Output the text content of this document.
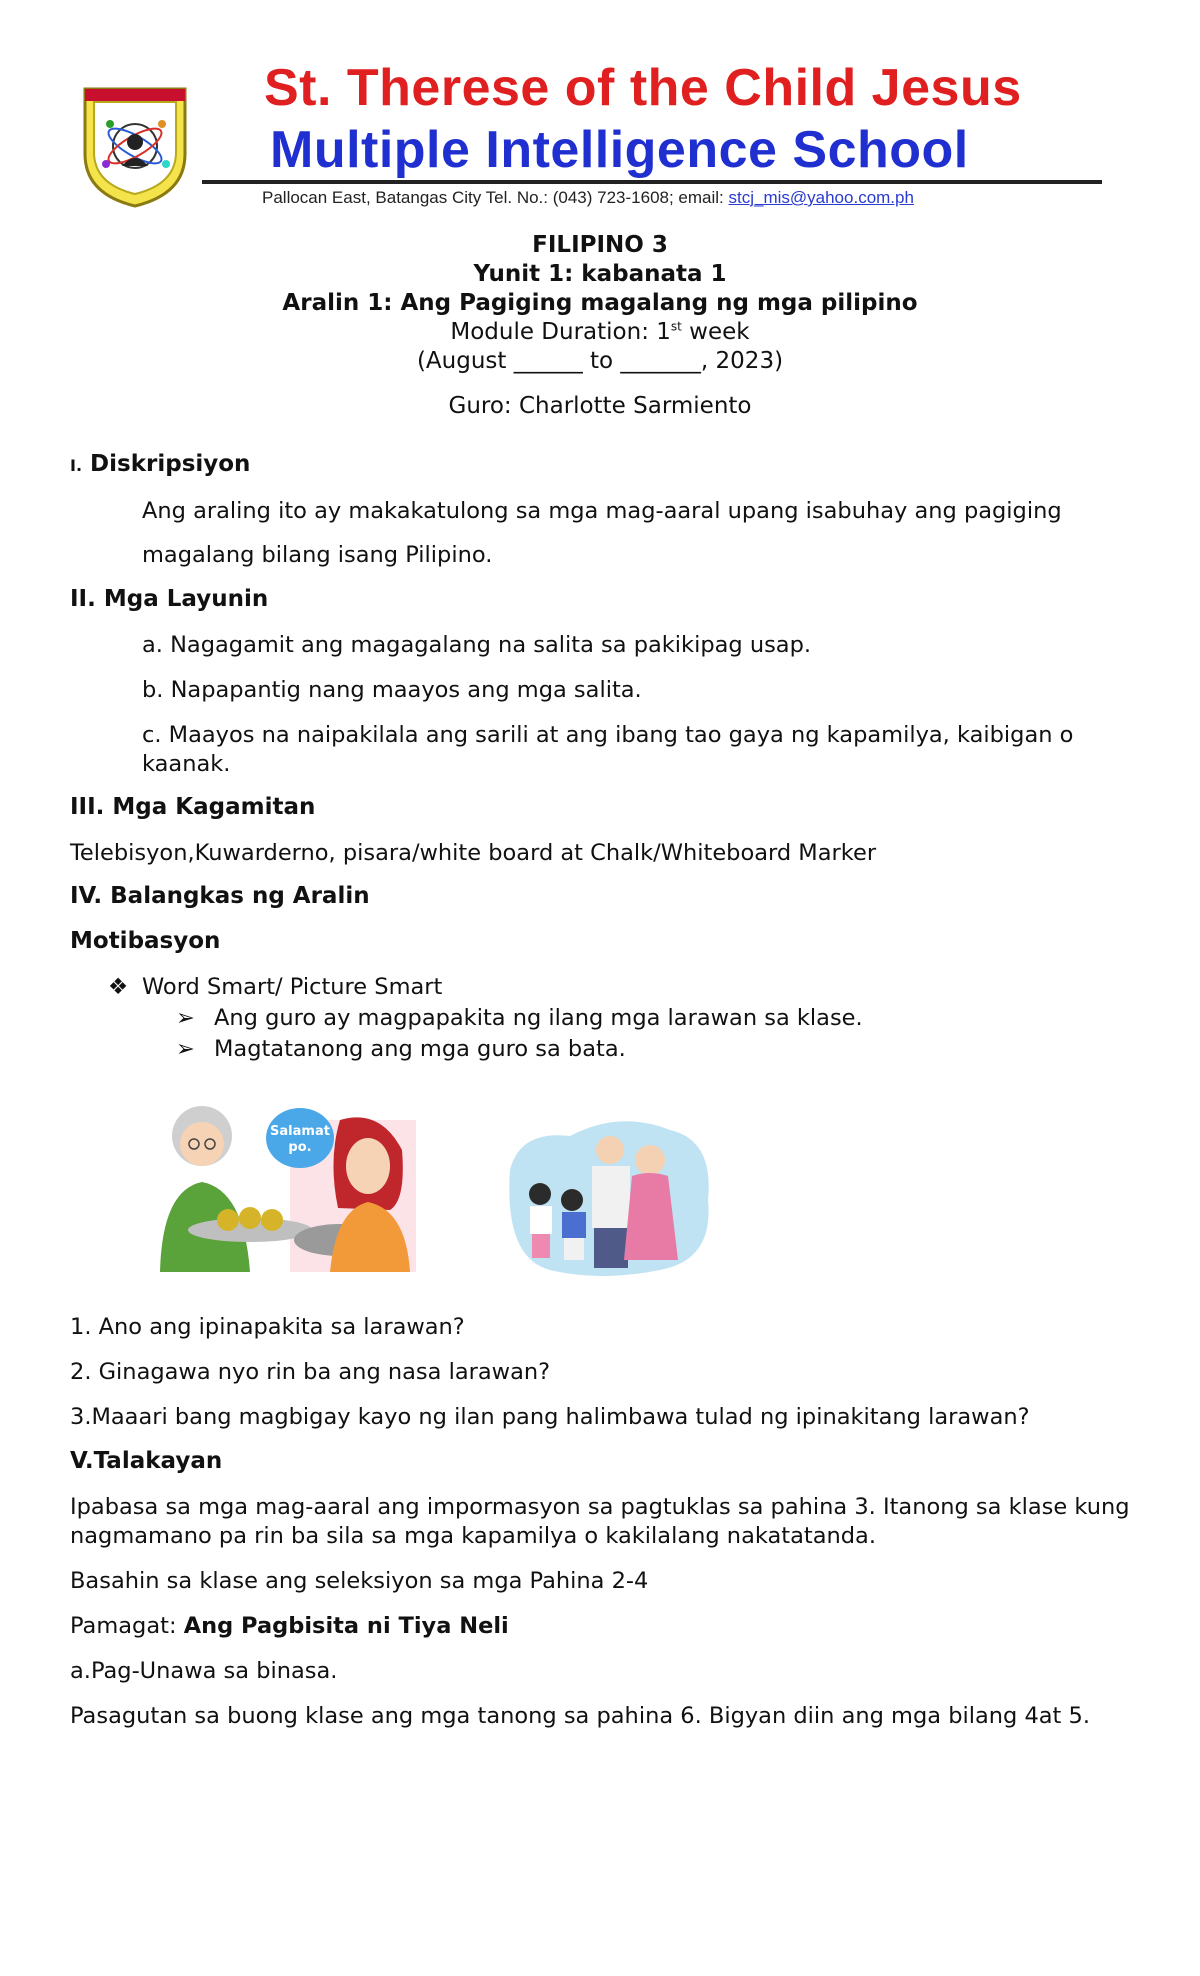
St. Therese of the Child Jesus
Multiple Intelligence School
Pallocan East, Batangas City Tel. No.: (043) 723-1608; email: stcj_mis@yahoo.com.ph
FILIPINO 3
Yunit 1: kabanata 1
Aralin 1: Ang Pagiging magalang ng mga pilipino
Module Duration: 1st week
(August ______ to _______, 2023)
Guro: Charlotte Sarmiento
I. Diskripsiyon
Ang araling ito ay makakatulong sa mga mag-aaral upang isabuhay ang pagiging
magalang bilang isang Pilipino.
II. Mga Layunin
a. Nagagamit ang magagalang na salita sa pakikipag usap.
b. Napapantig nang maayos ang mga salita.
c. Maayos na naipakilala ang sarili at ang ibang tao gaya ng kapamilya, kaibigan o kaanak.
III. Mga Kagamitan
Telebisyon,Kuwarderno, pisara/white board at Chalk/Whiteboard Marker
IV. Balangkas ng Aralin
Motibasyon
❖ Word Smart/ Picture Smart
➢ Ang guro ay magpapakita ng ilang mga larawan sa klase.
➢ Magtatanong ang mga guro sa bata.
Salamat
po.
1. Ano ang ipinapakita sa larawan?
2. Ginagawa nyo rin ba ang nasa larawan?
3.Maaari bang magbigay kayo ng ilan pang halimbawa tulad ng ipinakitang larawan?
V.Talakayan
Ipabasa sa mga mag-aaral ang impormasyon sa pagtuklas sa pahina 3. Itanong sa klase kung nagmamano pa rin ba sila sa mga kapamilya o kakilalang nakatatanda.
Basahin sa klase ang seleksiyon sa mga Pahina 2-4
Pamagat: Ang Pagbisita ni Tiya Neli
a.Pag-Unawa sa binasa.
Pasagutan sa buong klase ang mga tanong sa pahina 6. Bigyan diin ang mga bilang 4at 5.
